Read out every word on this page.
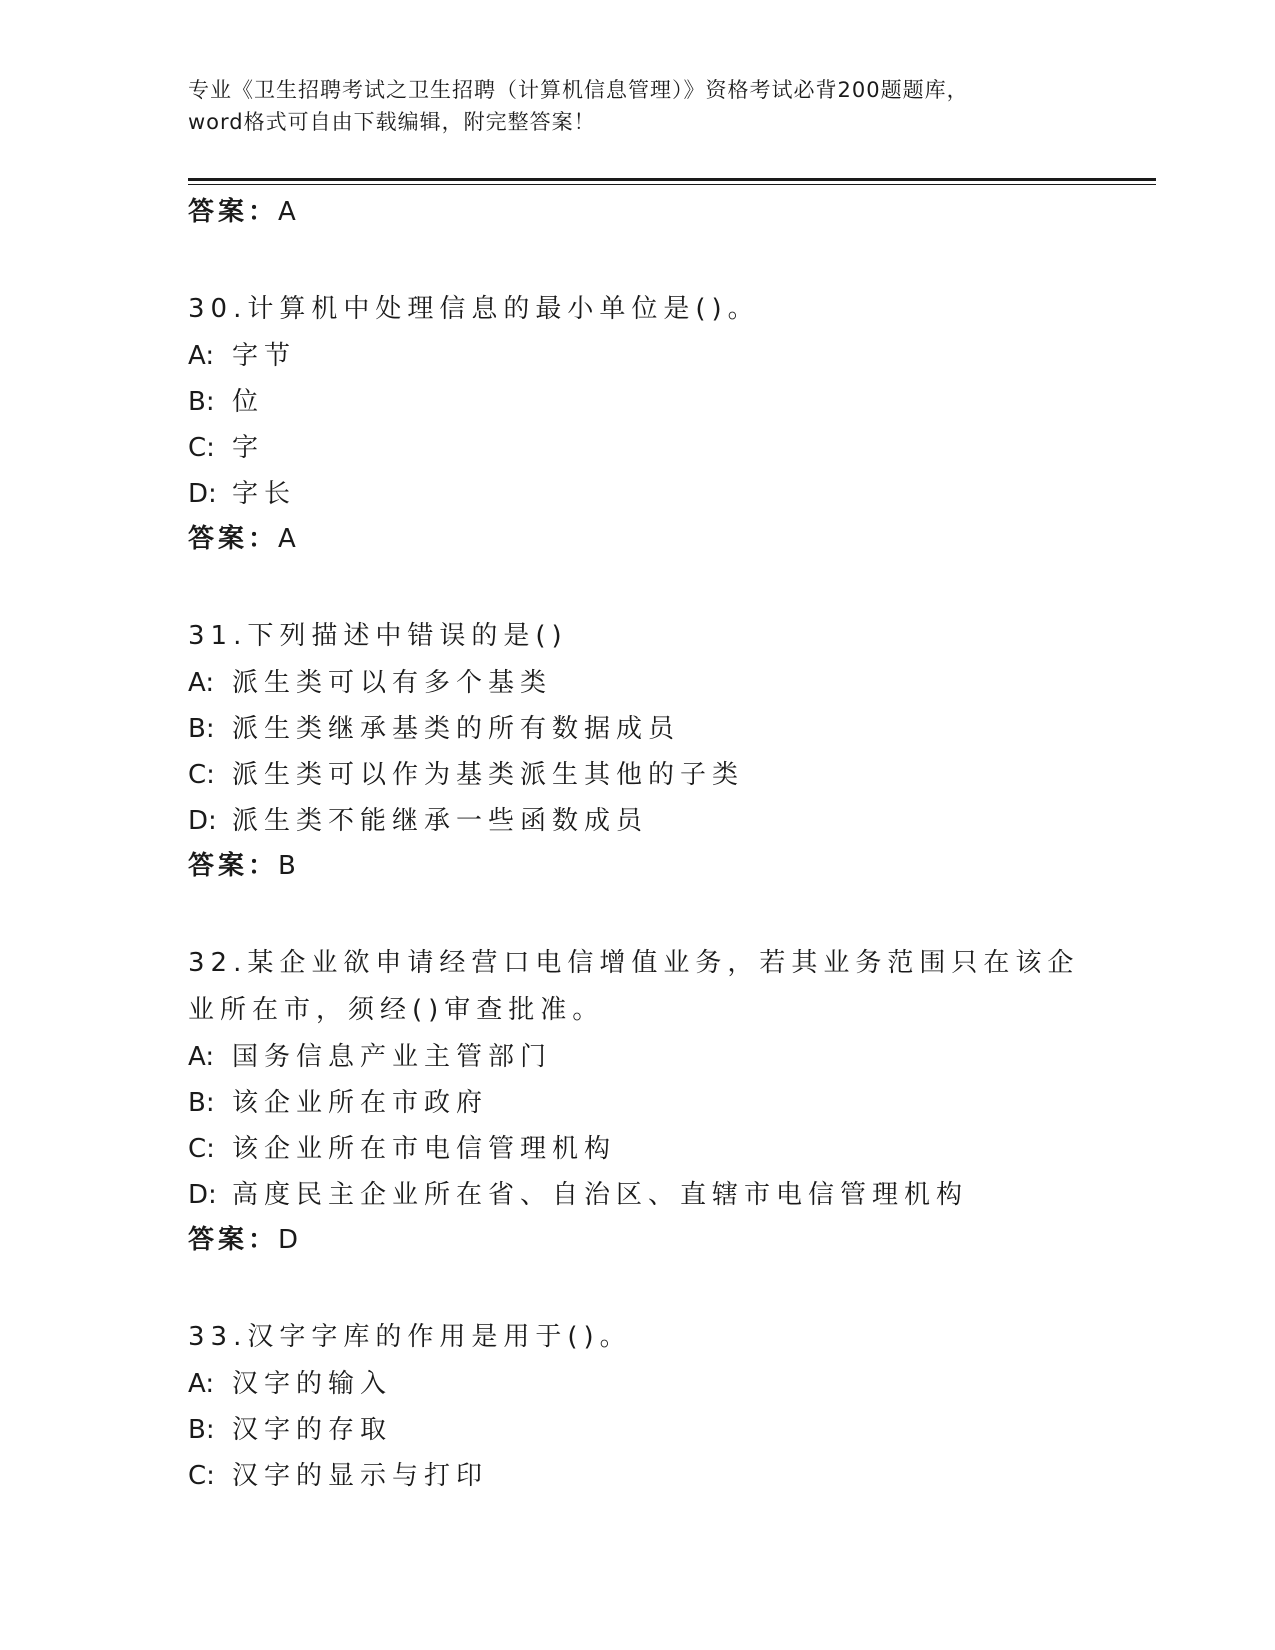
专业《卫生招聘考试之卫生招聘（计算机信息管理）》资格考试必背200题题库，
word格式可自由下载编辑，附完整答案！
答案：A
30.计算机中处理信息的最小单位是()。
A: 字节
B: 位
C: 字
D: 字长
答案：A
31.下列描述中错误的是()
A: 派生类可以有多个基类
B: 派生类继承基类的所有数据成员
C: 派生类可以作为基类派生其他的子类
D: 派生类不能继承一些函数成员
答案：B
32.某企业欲申请经营口电信增值业务，若其业务范围只在该企业所在市，须经()审查批准。
A: 国务信息产业主管部门
B: 该企业所在市政府
C: 该企业所在市电信管理机构
D: 高度民主企业所在省、自治区、直辖市电信管理机构
答案：D
33.汉字字库的作用是用于()。
A: 汉字的输入
B: 汉字的存取
C: 汉字的显示与打印
